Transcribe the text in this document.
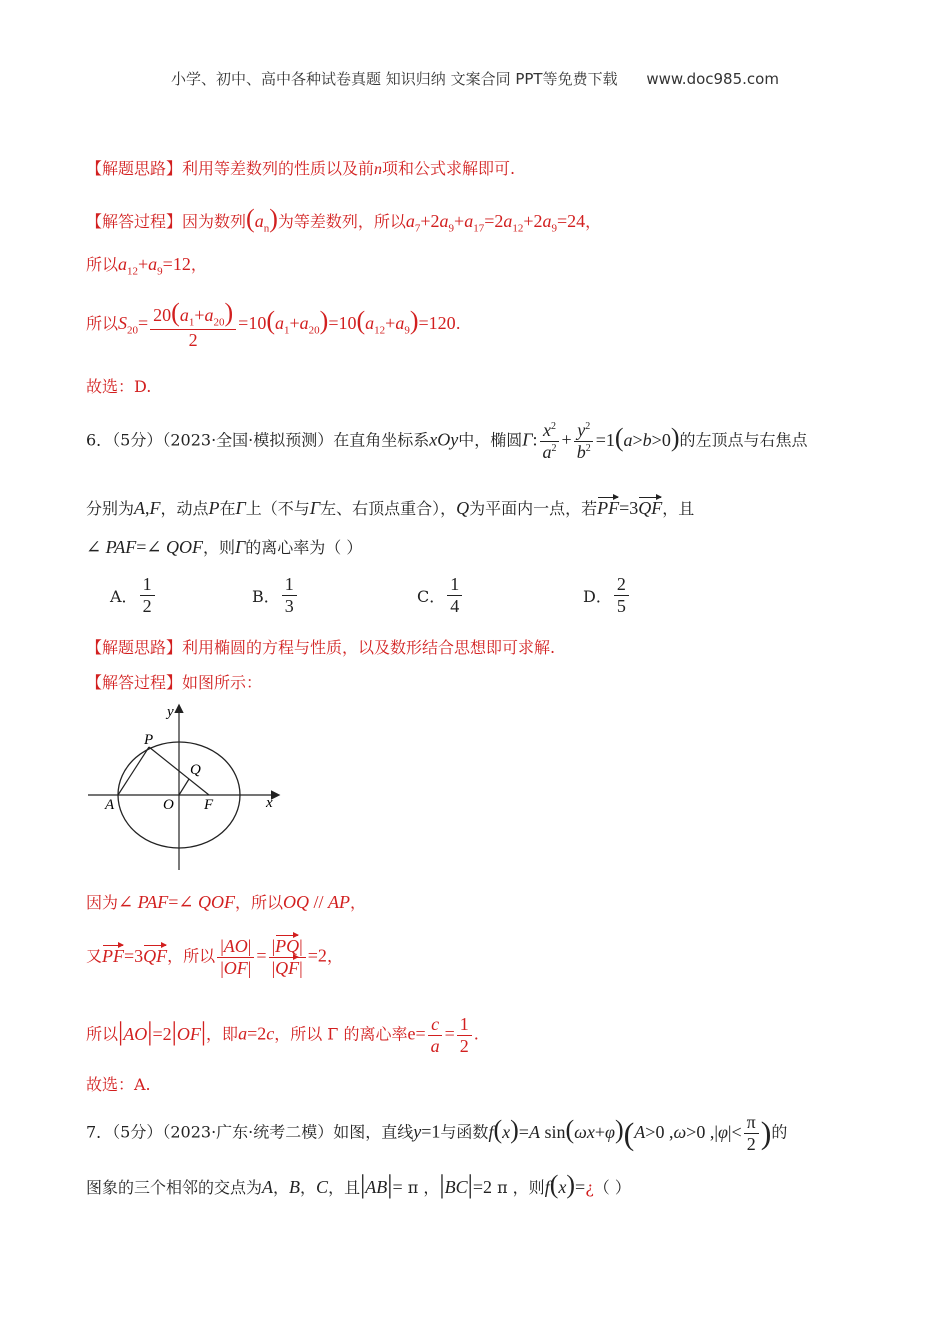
小学、初中、高中各种试卷真题 知识归纳 文案合同 PPT等免费下载 www.doc985.com
【解题思路】利用等差数列的性质以及前n项和公式求解即可.
【解答过程】因为数列$(a_n)$为等差数列，所以$a_7+2a_9+a_{17}=2a_{12}+2a_9=24$，
所以$a_{12}+a_9=12$，
所以$S_{20}= \frac{20(a_1+a_{20})}{2} =10(a_1+a_{20})=10(a_{12}+a_9)=120$.
故选：D.
6．（5分）（2023·全国·模拟预测）在直角坐标系xOy中，椭圆Γ: $\frac{x^2}{a^2} + \frac{y^2}{b^2} =1(a>b>0)$的左顶点与右焦点
分别为A,F，动点P在Γ上（不与Γ左、右顶点重合），Q为平面内一点，若PF=3QF，且
∠ PAF=∠ QOF，则Γ的离心率为（ ）
A． $\frac{1}{2}$	B． $\frac{1}{3}$	C． $\frac{1}{4}$	D． $\frac{2}{5}$
【解题思路】利用椭圆的方程与性质，以及数形结合思想即可求解.
【解答过程】如图所示：
y
x
P
Q
A	O F
因为∠ PAF=∠ QOF，所以OQ // AP，
又PF=3QF，所以 $\frac{|AO|}{|OF|} = \frac{|PQ|}{|QF|} =2$，
所以|AO|=2|OF|，即a=2c，所以 Γ 的离心率$e= \frac{c}{a} = \frac{1}{2}$ .
故选：A.
7．（5分）（2023·广东·统考二模）如图，直线y=1与函数f(x)=A sin(ωx+φ)(A>0 ,ω>0 $,|\varphi|< \frac{\pi}{2}$ )的
图象的三个相邻的交点为A，B，C，且|AB|= π ，|BC|=2 π ，则f(x)=¿（ ）
